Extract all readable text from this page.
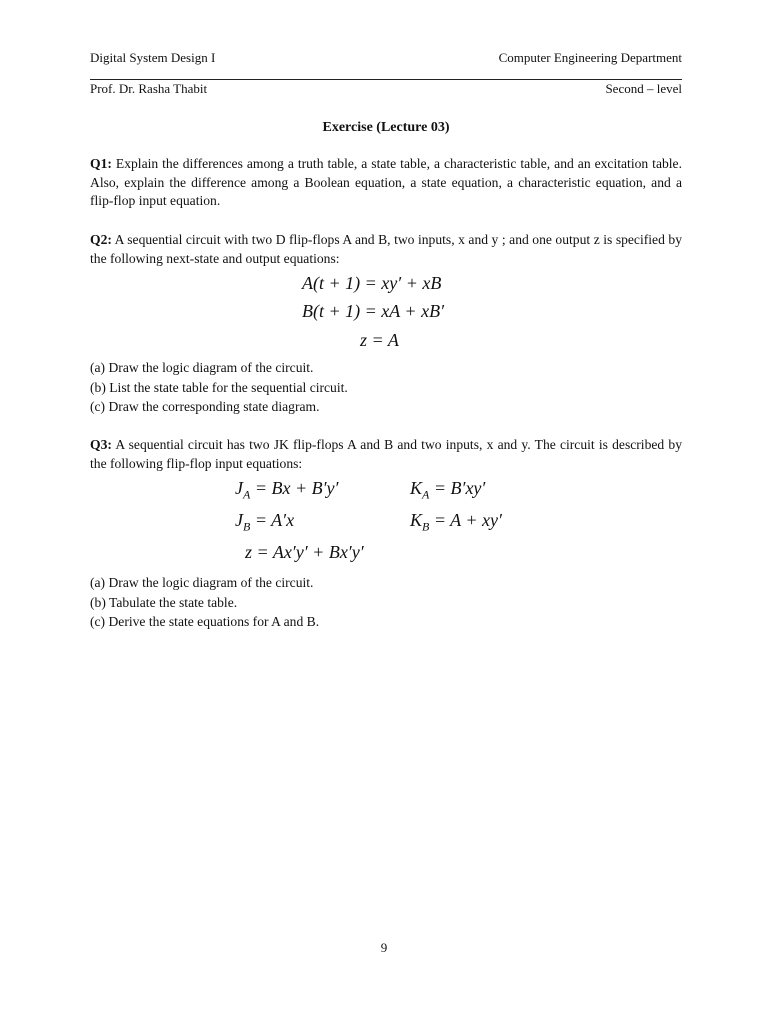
Digital System Design I	Computer Engineering Department
Prof. Dr. Rasha Thabit	Second – level
Exercise (Lecture 03)
Q1: Explain the differences among a truth table, a state table, a characteristic table, and an excitation table. Also, explain the difference among a Boolean equation, a state equation, a characteristic equation, and a flip-flop input equation.
Q2: A sequential circuit with two D flip-flops A and B, two inputs, x and y ; and one output z is specified by the following next-state and output equations:
A(t + 1) = xy′ + xB
B(t + 1) = xA + xB′
z = A
(a) Draw the logic diagram of the circuit.
(b) List the state table for the sequential circuit.
(c) Draw the corresponding state diagram.
Q3: A sequential circuit has two JK flip-flops A and B and two inputs, x and y. The circuit is described by the following flip-flop input equations:
$J_A = Bx + B'y'$	$K_A = B'xy'$
$J_B = A'x$	$K_B = A + xy'$
z = Ax′y′ + Bx′y′
(a) Draw the logic diagram of the circuit.
(b) Tabulate the state table.
(c) Derive the state equations for A and B.
9
